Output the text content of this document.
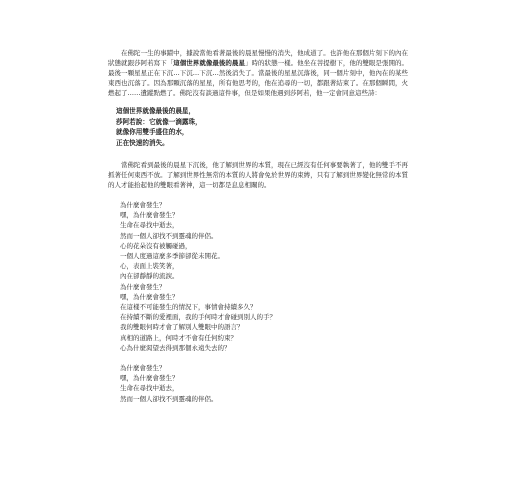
在佛陀一生的事蹟中，據說當他看著最後的晨星慢慢的消失，他成道了。也許他在那個片刻下的內在狀態就跟莎阿若寫下「這個世界就像最後的晨星」時的狀態一樣。他坐在菩提樹下，他的雙眼是張開的。最後一顆星星正在下沉…下沉…下沉…然後消失了。當最後的星星沉落後，同一個片刻中，他內在的某些東西也沉落了。因為那顆沉落的星星，所有他思考的，他在追尋的一切，都跟著結束了。在那個瞬間，火燃起了……遺蹤點燃了。佛陀沒有談過這件事，但是如果他遇到莎阿若，他一定會同意這些詩：

這個世界就像最後的晨星，
莎阿若說：它就像一滴露珠，
就像你用雙手盛住的水，
正在快速的消失。

當佛陀看到最後的晨星下沉後，他了解到世界的本質，現在已經沒有任何事要執著了，他的雙手不再抓著任何東西不放。了解到世界性無常的本質的人將會免於世界的束縛，只有了解到世界變化無常的本質的人才能抬起他的雙眼看著神，這一切都是息息相關的。

為什麼會發生？
嘿，為什麼會發生？
生命在尋找中逝去，
然而一個人卻找不到靈魂的伴侶。
心的花朵沒有被觸碰過，
一個人度過這麼多季節卻從未開花。
心，表面上裝笑著，
內在卻靜靜的流淚。
為什麼會發生？
嘿，為什麼會發生？
在這樣不可能發生的情況下，事情會持續多久？
在持續不斷的愛裡面，我的手何時才會碰到別人的手？
我的雙眼何時才會了解別人雙眼中的語言？
真相的道路上，何時才不會有任何約束？
心為什麼渴望去得到那個永遠失去的？
為什麼會發生？
嘿，為什麼會發生？
生命在尋找中逝去，
然而一個人卻找不到靈魂的伴侶。
